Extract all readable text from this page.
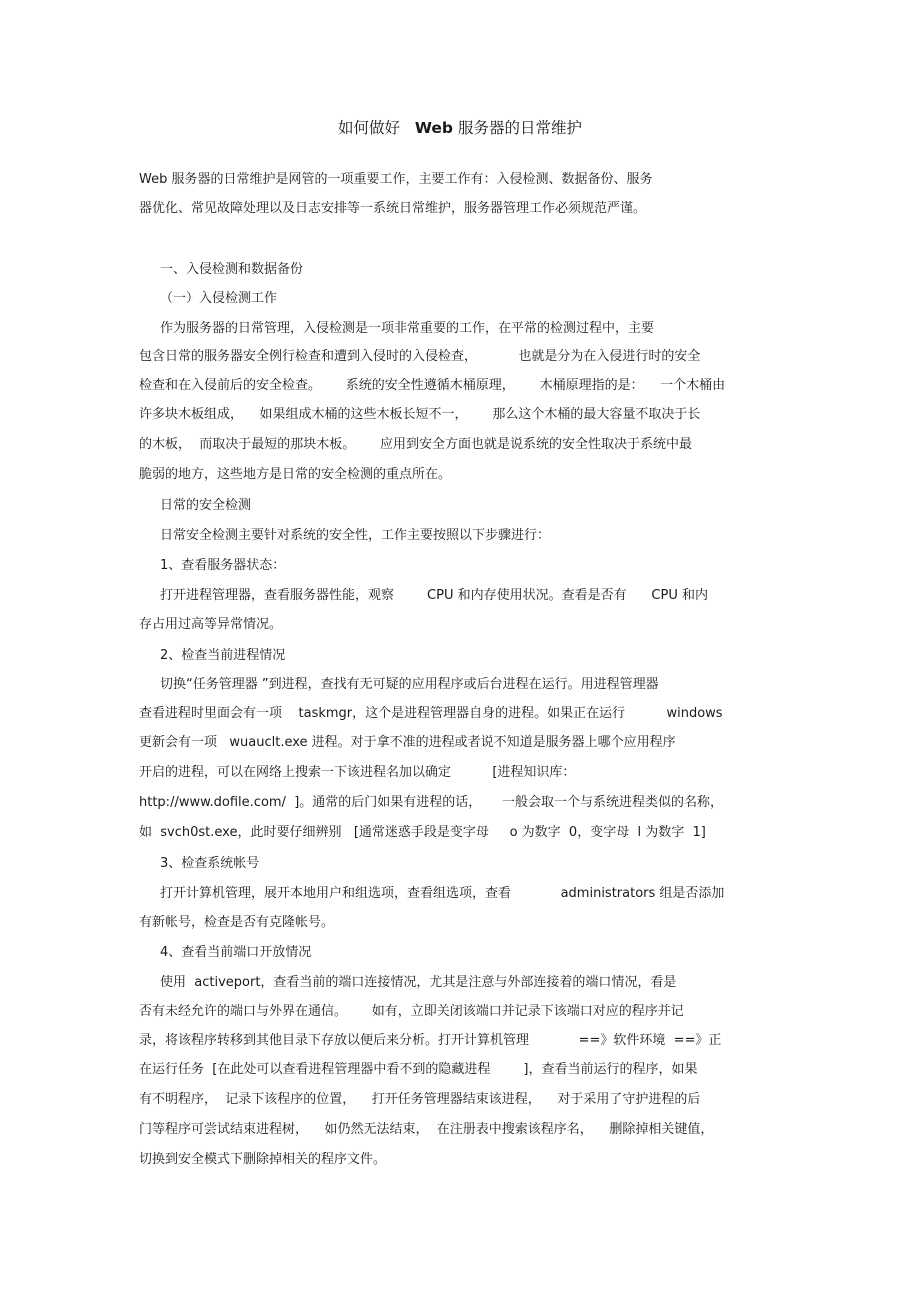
如何做好 Web 服务器的日常维护
Web 服务器的日常维护是网管的一项重要工作，主要工作有：入侵检测、数据备份、服务
器优化、常见故障处理以及日志安排等一系统日常维护，服务器管理工作必须规范严谨。
一、入侵检测和数据备份
（一）入侵检测工作
作为服务器的日常管理，入侵检测是一项非常重要的工作，在平常的检测过程中，主要
包含日常的服务器安全例行检查和遭到入侵时的入侵检查，          也就是分为在入侵进行时的安全
检查和在入侵前后的安全检查。      系统的安全性遵循木桶原理，      木桶原理指的是：    一个木桶由
许多块木板组成，    如果组成木桶的这些木板长短不一，      那么这个木桶的最大容量不取决于长
的木板，  而取决于最短的那块木板。      应用到安全方面也就是说系统的安全性取决于系统中最
脆弱的地方，这些地方是日常的安全检测的重点所在。
日常的安全检测
日常安全检测主要针对系统的安全性，工作主要按照以下步骤进行：
1、查看服务器状态：
打开进程管理器，查看服务器性能，观察        CPU 和内存使用状况。查看是否有      CPU 和内
存占用过高等异常情况。
2、检查当前进程情况
切换“任务管理器 ”到进程，查找有无可疑的应用程序或后台进程在运行。用进程管理器
查看进程时里面会有一项    taskmgr，这个是进程管理器自身的进程。如果正在运行          windows
更新会有一项   wuauclt.exe 进程。对于拿不准的进程或者说不知道是服务器上哪个应用程序
开启的进程，可以在网络上搜索一下该进程名加以确定          [进程知识库：
http://www.dofile.com/  ]。通常的后门如果有进程的话，     一般会取一个与系统进程类似的名称，
如  svch0st.exe，此时要仔细辨别   [通常迷惑手段是变字母     o 为数字  0，变字母  l 为数字  1]
3、检查系统帐号
打开计算机管理，展开本地用户和组选项，查看组选项，查看            administrators 组是否添加
有新帐号，检查是否有克隆帐号。
4、查看当前端口开放情况
使用  activeport，查看当前的端口连接情况，尤其是注意与外部连接着的端口情况，看是
否有未经允许的端口与外界在通信。      如有，立即关闭该端口并记录下该端口对应的程序并记
录，将该程序转移到其他目录下存放以便后来分析。打开计算机管理            ==》软件环境  ==》正
在运行任务  [在此处可以查看进程管理器中看不到的隐藏进程        ]，查看当前运行的程序，如果
有不明程序，  记录下该程序的位置，    打开任务管理器结束该进程，    对于采用了守护进程的后
门等程序可尝试结束进程树，    如仍然无法结束，  在注册表中搜索该程序名，    删除掉相关键值，
切换到安全模式下删除掉相关的程序文件。
